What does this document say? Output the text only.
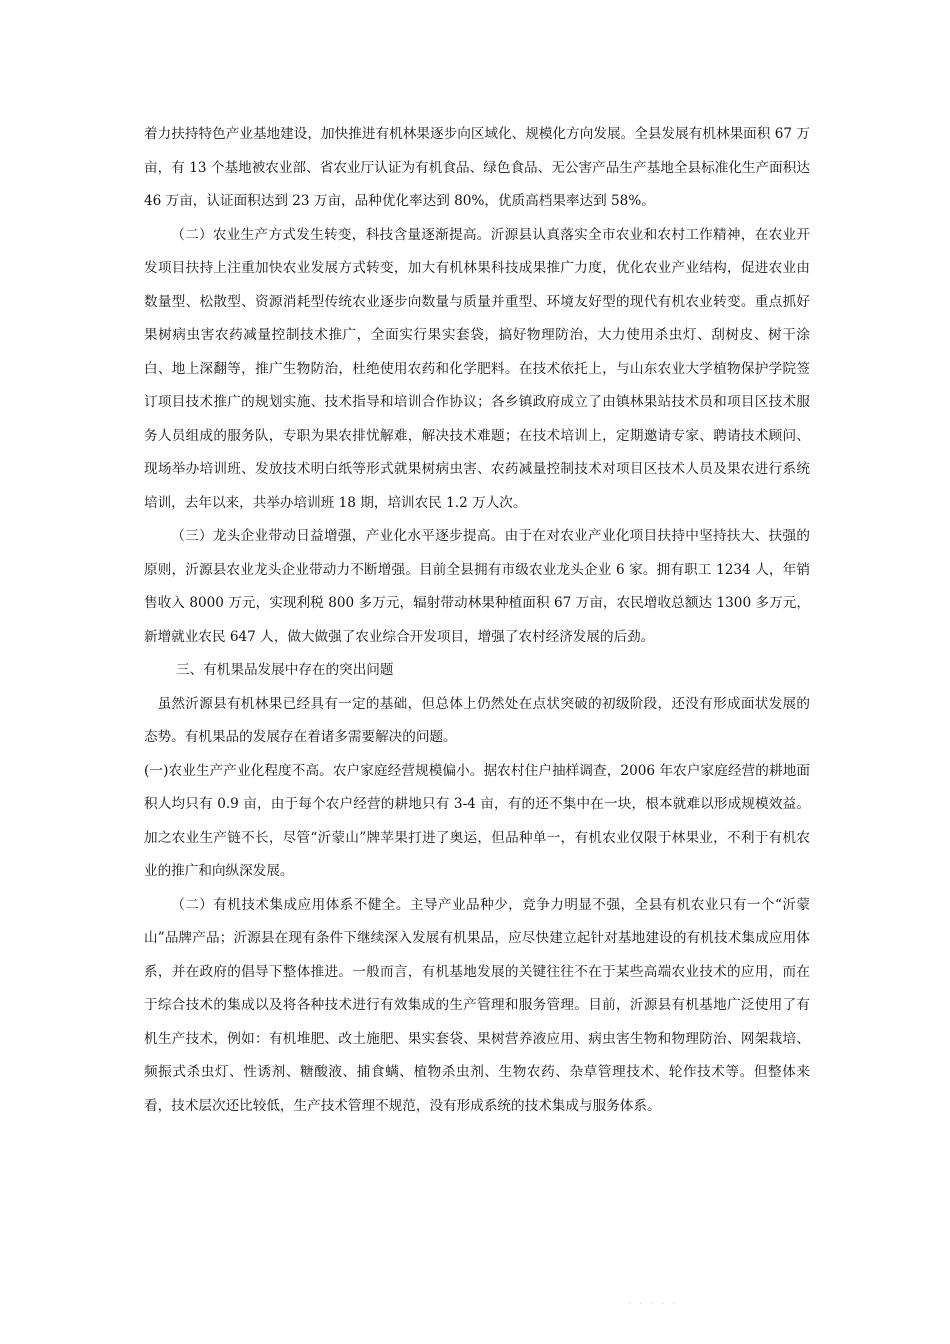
着力扶持特色产业基地建设，加快推进有机林果逐步向区域化、规模化方向发展。全县发展有机林果面积 67 万亩，有 13 个基地被农业部、省农业厅认证为有机食品、绿色食品、无公害产品生产基地全县标准化生产面积达 46 万亩，认证面积达到 23 万亩，品种优化率达到 80%，优质高档果率达到 58%。

（二）农业生产方式发生转变，科技含量逐渐提高。沂源县认真落实全市农业和农村工作精神，在农业开发项目扶持上注重加快农业发展方式转变，加大有机林果科技成果推广力度，优化农业产业结构，促进农业由数量型、松散型、资源消耗型传统农业逐步向数量与质量并重型、环境友好型的现代有机农业转变。重点抓好果树病虫害农药减量控制技术推广，全面实行果实套袋，搞好物理防治，大力使用杀虫灯、刮树皮、树干涂白、地上深翻等，推广生物防治，杜绝使用农药和化学肥料。在技术依托上，与山东农业大学植物保护学院签订项目技术推广的规划实施、技术指导和培训合作协议；各乡镇政府成立了由镇林果站技术员和项目区技术服务人员组成的服务队，专职为果农排忧解难，解决技术难题；在技术培训上，定期邀请专家、聘请技术顾问、现场举办培训班、发放技术明白纸等形式就果树病虫害、农药减量控制技术对项目区技术人员及果农进行系统培训，去年以来，共举办培训班 18 期，培训农民 1.2 万人次。

（三）龙头企业带动日益增强，产业化水平逐步提高。由于在对农业产业化项目扶持中坚持扶大、扶强的原则，沂源县农业龙头企业带动力不断增强。目前全县拥有市级农业龙头企业 6 家。拥有职工 1234 人，年销售收入 8000 万元，实现利税 800 多万元，辐射带动林果种植面积 67 万亩，农民增收总额达 1300 多万元，新增就业农民 647 人，做大做强了农业综合开发项目，增强了农村经济发展的后劲。

三、有机果品发展中存在的突出问题

虽然沂源县有机林果已经具有一定的基础，但总体上仍然处在点状突破的初级阶段，还没有形成面状发展的态势。有机果品的发展存在着诸多需要解决的问题。

(一)农业生产产业化程度不高。农户家庭经营规模偏小。据农村住户抽样调查，2006 年农户家庭经营的耕地面积人均只有 0.9 亩，由于每个农户经营的耕地只有 3-4 亩，有的还不集中在一块，根本就难以形成规模效益。加之农业生产链不长，尽管“沂蒙山”牌苹果打进了奥运，但品种单一，有机农业仅限于林果业，不利于有机农业的推广和向纵深发展。

（二）有机技术集成应用体系不健全。主导产业品种少，竞争力明显不强，全县有机农业只有一个“沂蒙山”品牌产品；沂源县在现有条件下继续深入发展有机果品，应尽快建立起针对基地建设的有机技术集成应用体系，并在政府的倡导下整体推进。一般而言，有机基地发展的关键往往不在于某些高端农业技术的应用，而在于综合技术的集成以及将各种技术进行有效集成的生产管理和服务管理。目前，沂源县有机基地广泛使用了有机生产技术，例如：有机堆肥、改土施肥、果实套袋、果树营养液应用、病虫害生物和物理防治、网架栽培、频振式杀虫灯、性诱剂、糖酸液、捕食螨、植物杀虫剂、生物农药、杂草管理技术、轮作技术等。但整体来看，技术层次还比较低，生产技术管理不规范，没有形成系统的技术集成与服务体系。

· · · · ·
